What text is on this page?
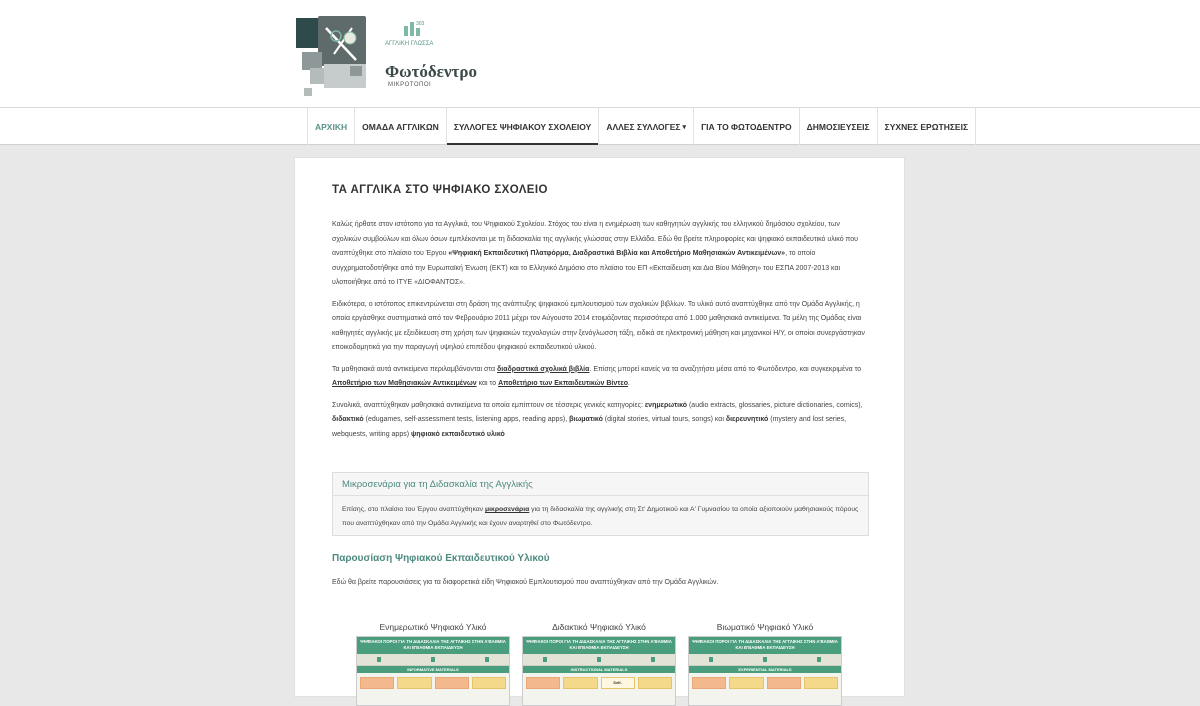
303
ΑΓΓΛΙΚΗ ΓΛΩΣΣΑ
Φωτόδεντρο
ΜΙΚΡΟΤΟΠΟΙ
ΑΡΧΙΚΗ ΟΜΑΔΑ ΑΓΓΛΙΚΩΝ ΣΥΛΛΟΓΕΣ ΨΗΦΙΑΚΟΥ ΣΧΟΛΕΙΟΥ ΑΛΛΕΣ ΣΥΛΛΟΓΕΣ ▾ ΓΙΑ ΤΟ ΦΩΤΟΔΕΝΤΡΟ ΔΗΜΟΣΙΕΥΣΕΙΣ ΣΥΧΝΕΣ ΕΡΩΤΗΣΕΙΣ
ΤΑ ΑΓΓΛΙΚΑ ΣΤΟ ΨΗΦΙΑΚΟ ΣΧΟΛΕΙΟ

Καλώς ήρθατε στον ιστότοπο για τα Αγγλικά, του Ψηφιακού Σχολείου. Στόχος του είναι η ενημέρωση των καθηγητών αγγλικής του ελληνικού δημόσιου σχολείου, των σχολικών συμβούλων και όλων όσων εμπλέκονται με τη διδασκαλία της αγγλικής γλώσσας στην Ελλάδα. Εδώ θα βρείτε πληροφορίες και ψηφιακό εκπαιδευτικό υλικό που αναπτύχθηκε στο πλαίσιο του Έργου «Ψηφιακή Εκπαιδευτική Πλατφόρμα, Διαδραστικά Βιβλία και Αποθετήριο Μαθησιακών Αντικειμένων», το οποίο συγχρηματοδοτήθηκε από την Ευρωπαϊκή Ένωση (ΕΚΤ) και το Ελληνικό Δημόσιο στο πλαίσιο του ΕΠ «Εκπαίδευση και Δια Βίου Μάθηση» του ΕΣΠΑ 2007-2013 και υλοποιήθηκε από το ΙΤΥΕ «ΔΙΟΦΑΝΤΟΣ».

Ειδικότερα, ο ιστότοπος επικεντρώνεται στη δράση της ανάπτυξης ψηφιακού εμπλουτισμού των σχολικών βιβλίων. Το υλικό αυτό αναπτύχθηκε από την Ομάδα Αγγλικής, η οποία εργάσθηκε συστηματικά από τον Φεβρουάριο 2011 μέχρι τον Αύγουστο 2014 ετοιμάζοντας περισσότερα από 1.000 μαθησιακά αντικείμενα. Τα μέλη της Ομάδας είναι καθηγητές αγγλικής με εξειδίκευση στη χρήση των ψηφιακών τεχνολογιών στην ξενόγλωσση τάξη, ειδικά σε ηλεκτρονική μάθηση και μηχανικοί Η/Υ, οι οποίοι συνεργάστηκαν εποικοδομητικά για την παραγωγή υψηλού επιπέδου ψηφιακού εκπαιδευτικού υλικού.

Τα μαθησιακά αυτά αντικείμενα περιλαμβάνονται στα διαδραστικά σχολικά βιβλία. Επίσης μπορεί κανείς να τα αναζητήσει μέσα από το Φωτόδεντρο, και συγκεκριμένα το Αποθετήριο των Μαθησιακών Αντικειμένων και το Αποθετήριο των Εκπαιδευτικών Βίντεο.

Συνολικά, αναπτύχθηκαν μαθησιακά αντικείμενα τα οποία εμπίπτουν σε τέσσερις γενικές κατηγορίες: ενημερωτικό (audio extracts, glossaries, picture dictionaries, comics), διδακτικό (edugames, self-assessment tests, listening apps, reading apps), βιωματικό (digital stories, virtual tours, songs) και διερευνητικό (mystery and lost series, webquests, writing apps) ψηφιακό εκπαιδευτικό υλικό

Μικροσενάρια για τη Διδασκαλία της Αγγλικής
Επίσης, στο πλαίσιο του Έργου αναπτύχθηκαν μικροσενάρια για τη διδασκαλία της αγγλικής στη Στ' Δημοτικού και Α' Γυμνασίου τα οποία αξιοποιούν μαθησιακούς πόρους που αναπτύχθηκαν από την Ομάδα Αγγλικής και έχουν αναρτηθεί στο Φωτόδεντρο.
Παρουσίαση Ψηφιακού Εκπαιδευτικού Υλικού
Εδώ θα βρείτε παρουσιάσεις για τα διαφορετικά είδη Ψηφιακού Εμπλουτισμού που αναπτύχθηκαν από την Ομάδα Αγγλικών.
Ενημερωτικό Ψηφιακό Υλικό
ΨΗΦΙΑΚΟΙ ΠΟΡΟΙ ΓΙΑ ΤΗ ΔΙΔΑΣΚΑΛΙΑ ΤΗΣ ΑΓΓΛΙΚΗΣ ΣΤΗΝ Α'ΒΑΘΜΙΑ ΚΑΙ Β'ΒΑΘΜΙΑ ΕΚΠΑΙΔΕΥΣΗ
INFORMATIVE MATERIALS
Διδακτικό Ψηφιακό Υλικό
ΨΗΦΙΑΚΟΙ ΠΟΡΟΙ ΓΙΑ ΤΗ ΔΙΔΑΣΚΑΛΙΑ ΤΗΣ ΑΓΓΛΙΚΗΣ ΣΤΗΝ Α'ΒΑΘΜΙΑ ΚΑΙ Β'ΒΑΘΜΙΑ ΕΚΠΑΙΔΕΥΣΗ
INSTRUCTIONAL MATERIALS
Self-
Βιωματικό Ψηφιακό Υλικό
ΨΗΦΙΑΚΟΙ ΠΟΡΟΙ ΓΙΑ ΤΗ ΔΙΔΑΣΚΑΛΙΑ ΤΗΣ ΑΓΓΛΙΚΗΣ ΣΤΗΝ Α'ΒΑΘΜΙΑ ΚΑΙ Β'ΒΑΘΜΙΑ ΕΚΠΑΙΔΕΥΣΗ
EXPERIENTIAL MATERIALS
